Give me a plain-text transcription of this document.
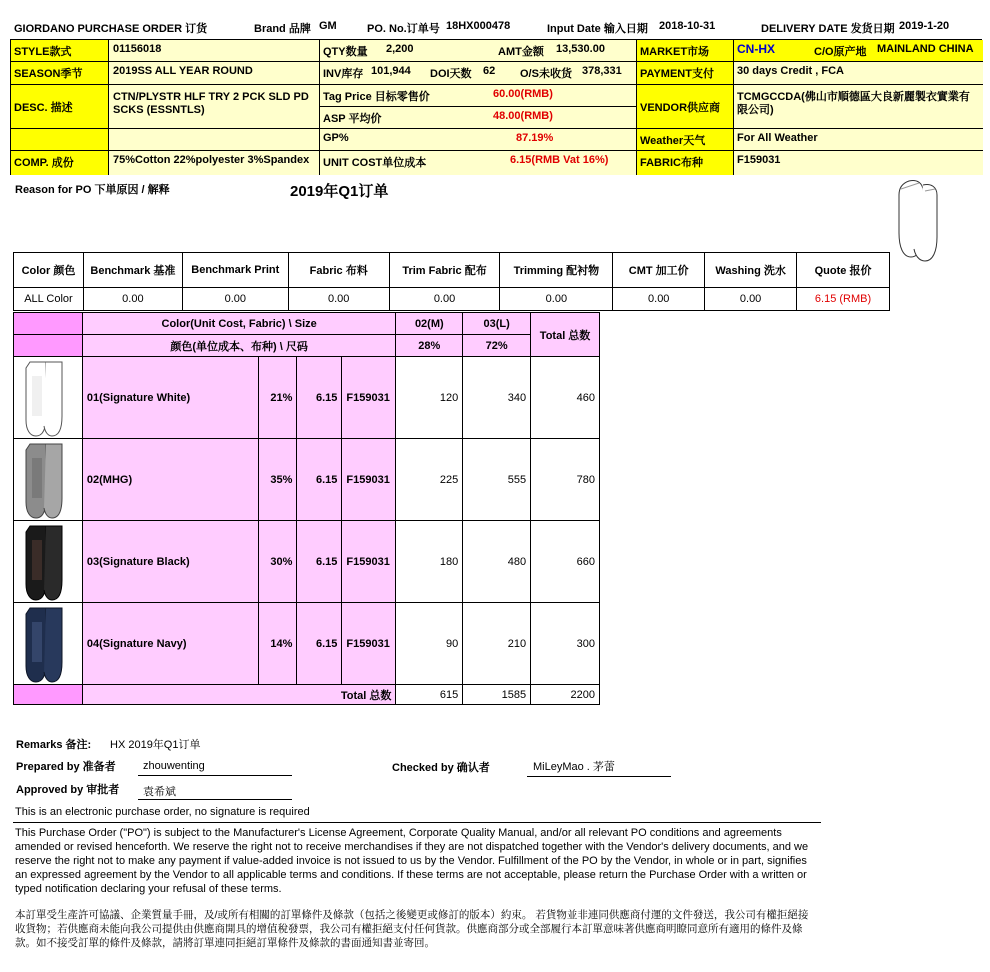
GIORDANO PURCHASE ORDER 订货	Brand 品牌 GM	PO. No.订单号 18HX000478	Input Date 输入日期 2018-10-31	DELIVERY DATE 发货日期 2019-1-20
STYLE款式	01156018	QTY数量 2,200	AMT金额 13,530.00	MARKET市场	CN-HX	C/O原产地 MAINLAND CHINA
SEASON季节	2019SS ALL YEAR ROUND	INV库存 101,944 DOI天数 62 O/S未收货 378,331 PAYMENT支付	30 days Credit , FCA
DESC. 描述
CTN/PLYSTR HLF TRY 2 PCK SLD PD SCKS (ESSNTLS)
Tag Price 目标零售价	60.00(RMB)
ASP 平均价	48.00(RMB)
VENDOR供应商
TCMGCCDA(佛山市順德區大良新麗製衣實業有限公司)
GP%	87.19%	Weather天气	For All Weather
COMP. 成份	75%Cotton 22%polyester 3%Spandex	UNIT COST单位成本	6.15(RMB Vat 16%)	FABRIC布种	F159031
Reason for PO 下単原因 / 解释	2019年Q1订单
Color 颜色	Benchmark 基准	Benchmark Print	Fabric 布料	Trim Fabric 配布	Trimming 配衬物	CMT 加工价	Washing 洗水	Quote 报价
ALL Color	0.00	0.00	0.00	0.00	0.00	0.00	0.00	6.15 (RMB)
	Color(Unit Cost, Fabric) \ Size				02(M)	03(L)	Total 总数
	颜色(单位成本、布种) \ 尺码				28%	72%	

	01(Signature White)	21%	6.15	F159031	120	340	460

	02(MHG)	35%	6.15	F159031	225	555	780

	03(Signature Black)	30%	6.15	F159031	180	480	660

	04(Signature Navy)	14%	6.15	F159031	90	210	300
	Total 总数				615	1585	2200
Remarks 备注: HX 2019年Q1订单
Prepared by 准备者 zhouwenting	Checked by 确认者	MiLeyMao . 茅蕾
Approved by 审批者 袁希斌
This is an electronic purchase order, no signature is required
This Purchase Order ("PO") is subject to the Manufacturer's License Agreement, Corporate Quality Manual, and/or all relevant PO conditions and agreements amended or revised henceforth. We reserve the right not to receive merchandises if they are not dispatched together with the Vendor's delivery documents, and we reserve the right not to make any payment if value-added invoice is not issued to us by the Vendor. Fulfillment of the PO by the Vendor, in whole or in part, signifies an expressed agreement by the Vendor to all applicable terms and conditions. If these terms are not acceptable, please return the Purchase Order with a written or typed notification declaring your refusal of these terms.
本訂單受生產許可協議、企業質量手冊，及/或所有相關的訂單條件及條款（包括之後變更或修訂的版本）約束。 若貨物並非連同供應商付運的文件發送，我公司有權拒絕接收貨物；若供應商未能向我公司提供由供應商開具的增值稅發票，我公司有權拒絕支付任何貨款。供應商部分或全部履行本訂單意味著供應商明瞭同意所有適用的條件及條款。如不接受訂單的條件及條款，請將訂單連同拒絕訂單條件及條款的書面通知書並寄回。
